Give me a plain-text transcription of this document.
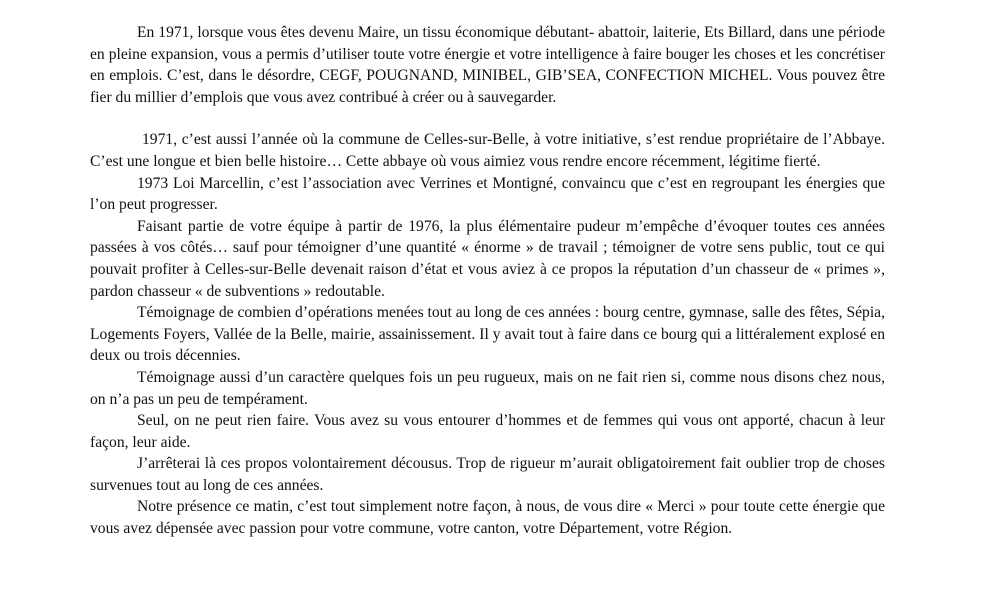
En 1971, lorsque vous êtes devenu Maire, un tissu économique débutant- abattoir, laiterie, Ets Billard, dans une période en pleine expansion, vous a permis d’utiliser toute votre énergie et votre intelligence à faire bouger les choses et les concrétiser en emplois. C’est, dans le désordre, CEGF, POUGNAND, MINIBEL, GIB’SEA, CONFECTION MICHEL. Vous pouvez être fier du millier d’emplois que vous avez contribué à créer ou à sauvegarder.

1971, c’est aussi l’année où la commune de Celles-sur-Belle, à votre initiative, s’est rendue propriétaire de l’Abbaye. C’est une longue et bien belle histoire… Cette abbaye où vous aimiez vous rendre encore récemment, légitime fierté.

1973 Loi Marcellin, c’est l’association avec Verrines et Montigné, convaincu que c’est en regroupant les énergies que l’on peut progresser.

Faisant partie de votre équipe à partir de 1976, la plus élémentaire pudeur m’empêche d’évoquer toutes ces années passées à vos côtés… sauf pour témoigner d’une quantité « énorme » de travail ; témoigner de votre sens public, tout ce qui pouvait profiter à Celles-sur-Belle devenait raison d’état et vous aviez à ce propos la réputation d’un chasseur de « primes », pardon chasseur « de subventions » redoutable.

Témoignage de combien d’opérations menées tout au long de ces années : bourg centre, gymnase, salle des fêtes, Sépia, Logements Foyers, Vallée de la Belle, mairie, assainissement. Il y avait tout à faire dans ce bourg qui a littéralement explosé en deux ou trois décennies.

Témoignage aussi d’un caractère quelques fois un peu rugueux, mais on ne fait rien si, comme nous disons chez nous, on n’a pas un peu de tempérament.

Seul, on ne peut rien faire. Vous avez su vous entourer d’hommes et de femmes qui vous ont apporté, chacun à leur façon, leur aide.

J’arrêterai là ces propos volontairement décousus. Trop de rigueur m’aurait obligatoirement fait oublier trop de choses survenues tout au long de ces années.

Notre présence ce matin, c’est tout simplement notre façon, à nous, de vous dire « Merci » pour toute cette énergie que vous avez dépensée avec passion pour votre commune, votre canton, votre Département, votre Région.
